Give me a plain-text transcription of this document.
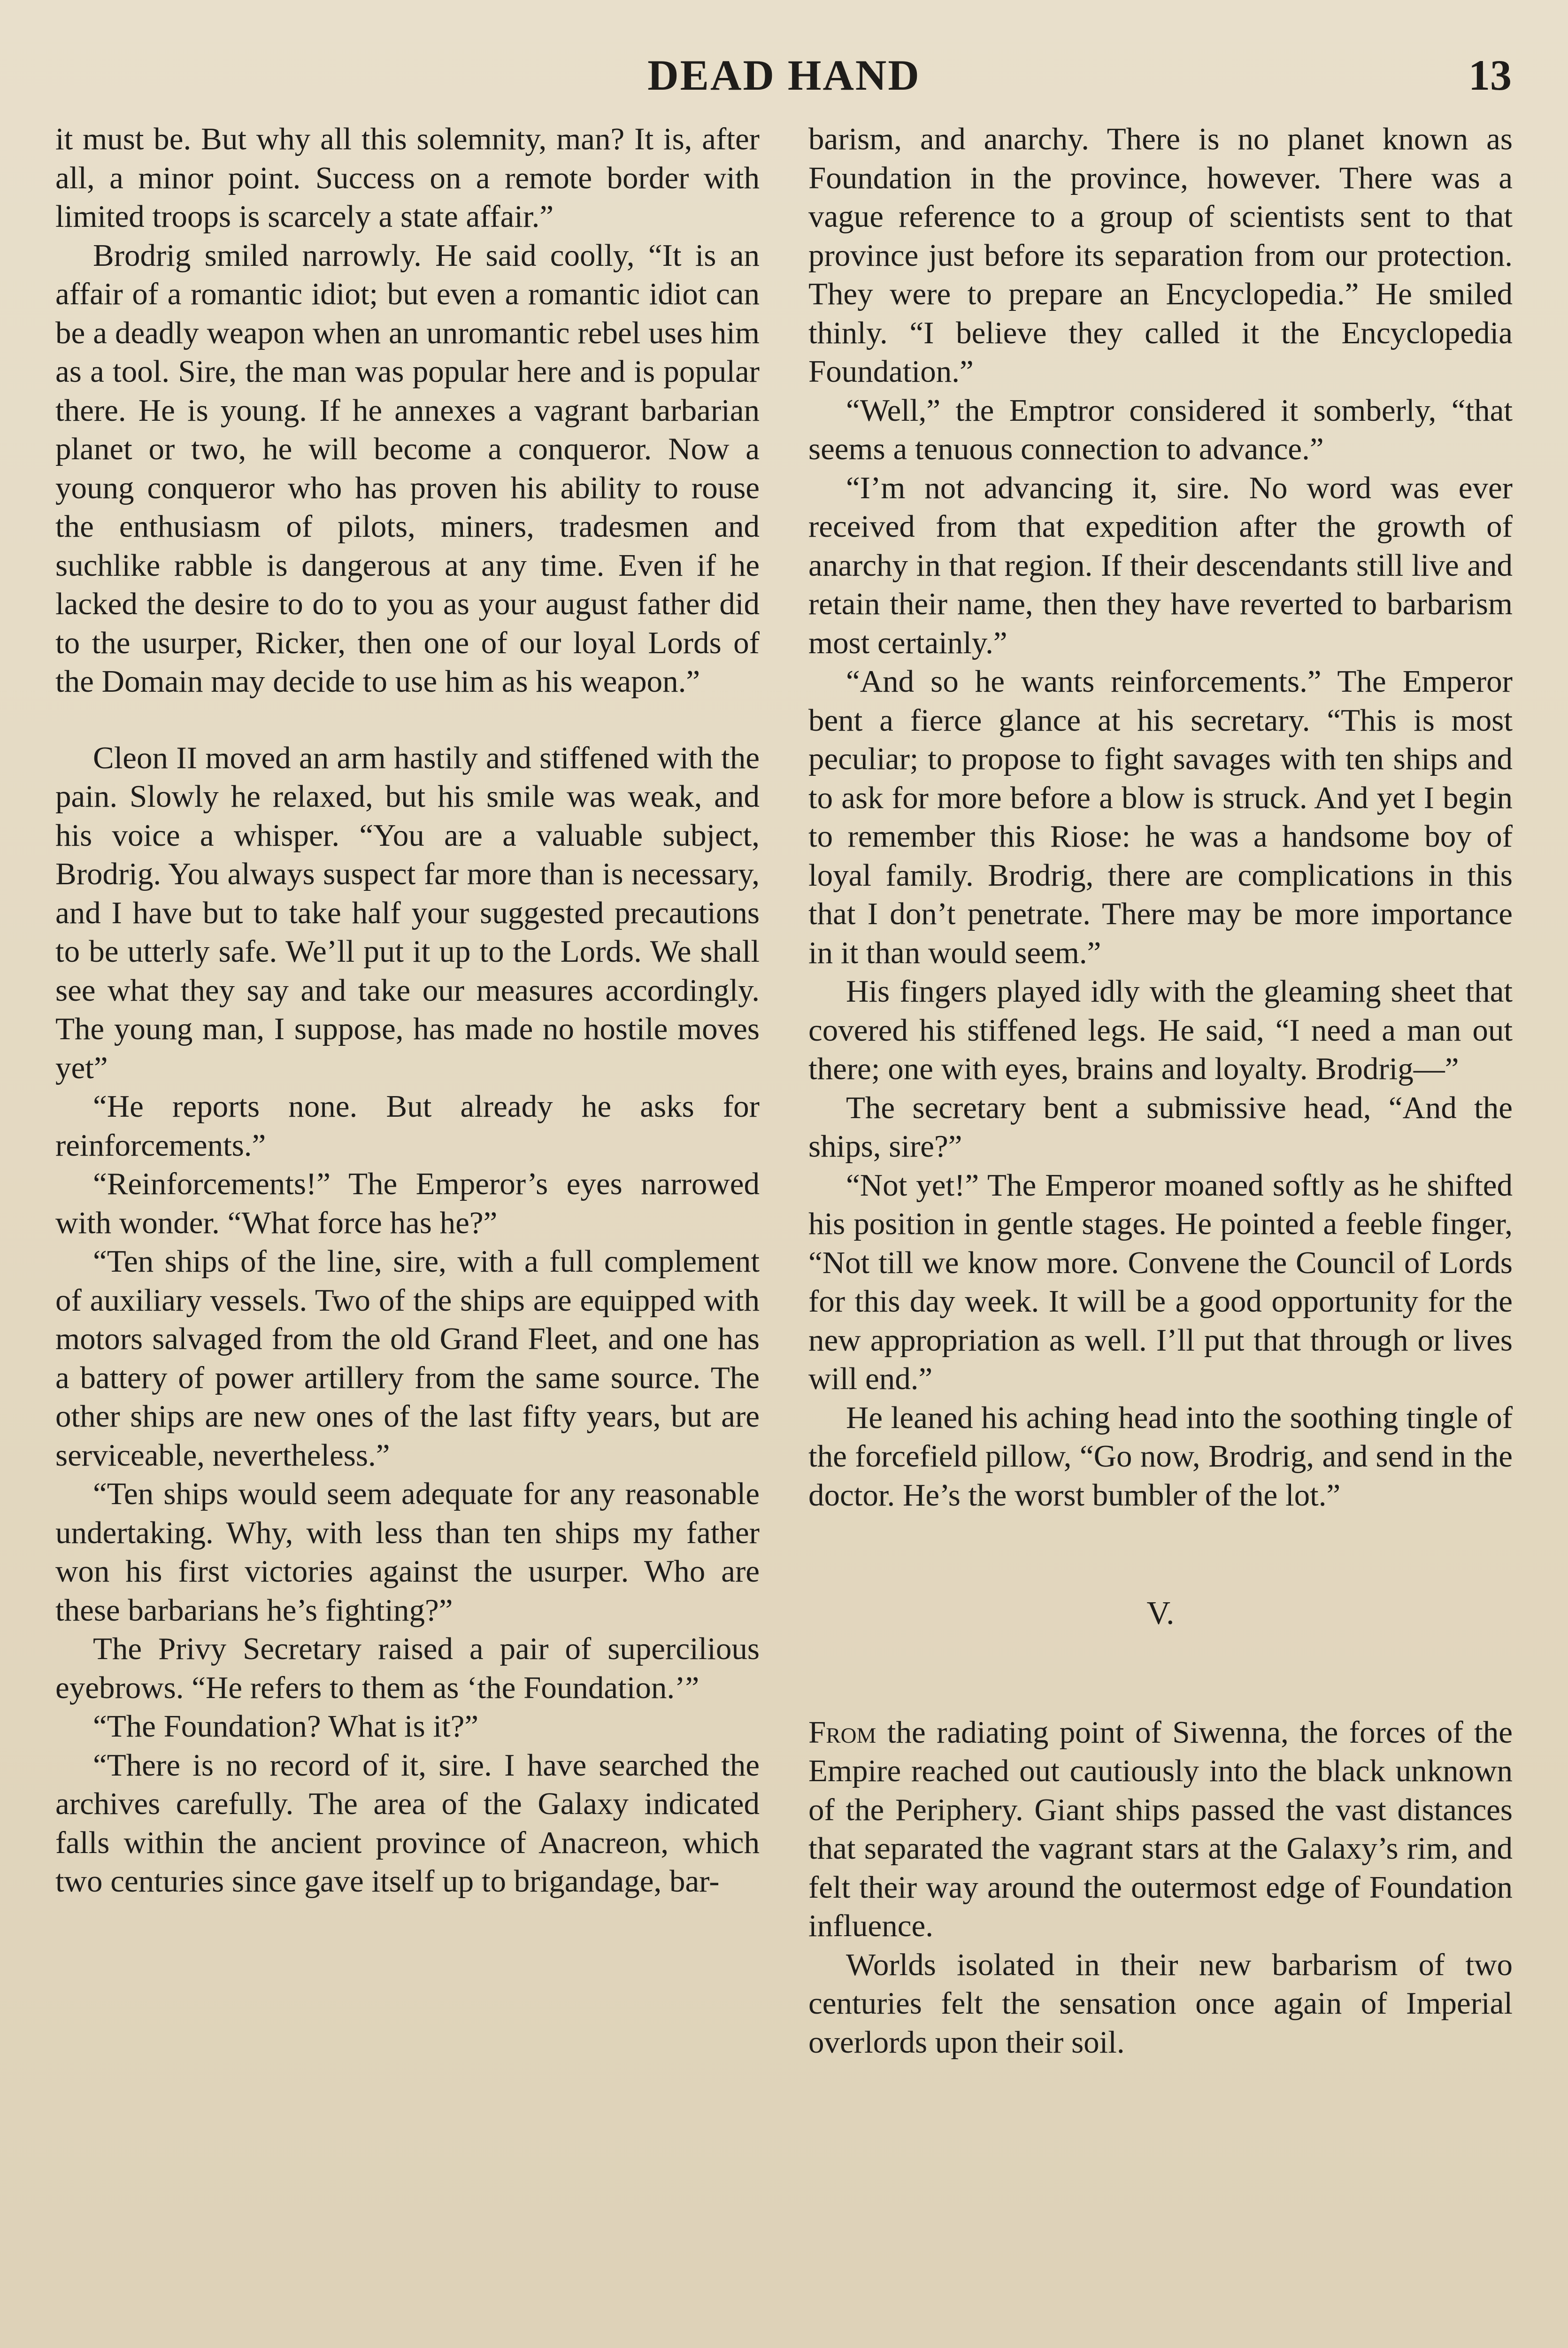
DEAD HAND	13

it must be. But why all this solemnity, man? It is, after all, a minor point. Success on a remote border with limited troops is scarcely a state affair.”

Brodrig smiled narrowly. He said coolly, “It is an affair of a romantic idiot; but even a romantic idiot can be a deadly weapon when an unromantic rebel uses him as a tool. Sire, the man was popular here and is popular there. He is young. If he annexes a vagrant barbarian planet or two, he will become a conqueror. Now a young conqueror who has proven his ability to rouse the enthusiasm of pilots, miners, tradesmen and suchlike rabble is dangerous at any time. Even if he lacked the desire to do to you as your august father did to the usurper, Ricker, then one of our loyal Lords of the Domain may decide to use him as his weapon.”

Cleon II moved an arm hastily and stiffened with the pain. Slowly he relaxed, but his smile was weak, and his voice a whisper. “You are a valuable subject, Brodrig. You always suspect far more than is necessary, and I have but to take half your suggested precautions to be utterly safe. We’ll put it up to the Lords. We shall see what they say and take our measures accordingly. The young man, I suppose, has made no hostile moves yet”

“He reports none. But already he asks for reinforcements.”

“Reinforcements!” The Emperor’s eyes narrowed with wonder. “What force has he?”

“Ten ships of the line, sire, with a full complement of auxiliary vessels. Two of the ships are equipped with motors salvaged from the old Grand Fleet, and one has a battery of power artillery from the same source. The other ships are new ones of the last fifty years, but are serviceable, nevertheless.”

“Ten ships would seem adequate for any reasonable undertaking. Why, with less than ten ships my father won his first victories against the usurper. Who are these barbarians he’s fighting?”

The Privy Secretary raised a pair of supercilious eyebrows. “He refers to them as ‘the Foundation.’”

“The Foundation? What is it?”

“There is no record of it, sire. I have searched the archives carefully. The area of the Galaxy indicated falls within the ancient province of Anacreon, which two centuries since gave itself up to brigandage, bar-

barism, and anarchy. There is no planet known as Foundation in the province, however. There was a vague reference to a group of scientists sent to that province just before its separation from our protection. They were to prepare an Encyclopedia.” He smiled thinly. “I believe they called it the Encyclopedia Foundation.”

“Well,” the Emptror considered it somberly, “that seems a tenuous connection to advance.”

“I’m not advancing it, sire. No word was ever received from that expedition after the growth of anarchy in that region. If their descendants still live and retain their name, then they have reverted to barbarism most certainly.”

“And so he wants reinforcements.” The Emperor bent a fierce glance at his secretary. “This is most peculiar; to propose to fight savages with ten ships and to ask for more before a blow is struck. And yet I begin to remember this Riose: he was a handsome boy of loyal family. Brodrig, there are complications in this that I don’t penetrate. There may be more importance in it than would seem.”

His fingers played idly with the gleaming sheet that covered his stiffened legs. He said, “I need a man out there; one with eyes, brains and loyalty. Brodrig—”

The secretary bent a submissive head, “And the ships, sire?”

“Not yet!” The Emperor moaned softly as he shifted his position in gentle stages. He pointed a feeble finger, “Not till we know more. Convene the Council of Lords for this day week. It will be a good opportunity for the new appropriation as well. I’ll put that through or lives will end.”

He leaned his aching head into the soothing tingle of the forcefield pillow, “Go now, Brodrig, and send in the doctor. He’s the worst bumbler of the lot.”

V.

From the radiating point of Siwenna, the forces of the Empire reached out cautiously into the black unknown of the Periphery. Giant ships passed the vast distances that separated the vagrant stars at the Galaxy’s rim, and felt their way around the outermost edge of Foundation influence.

Worlds isolated in their new barbarism of two centuries felt the sensation once again of Imperial overlords upon their soil.
